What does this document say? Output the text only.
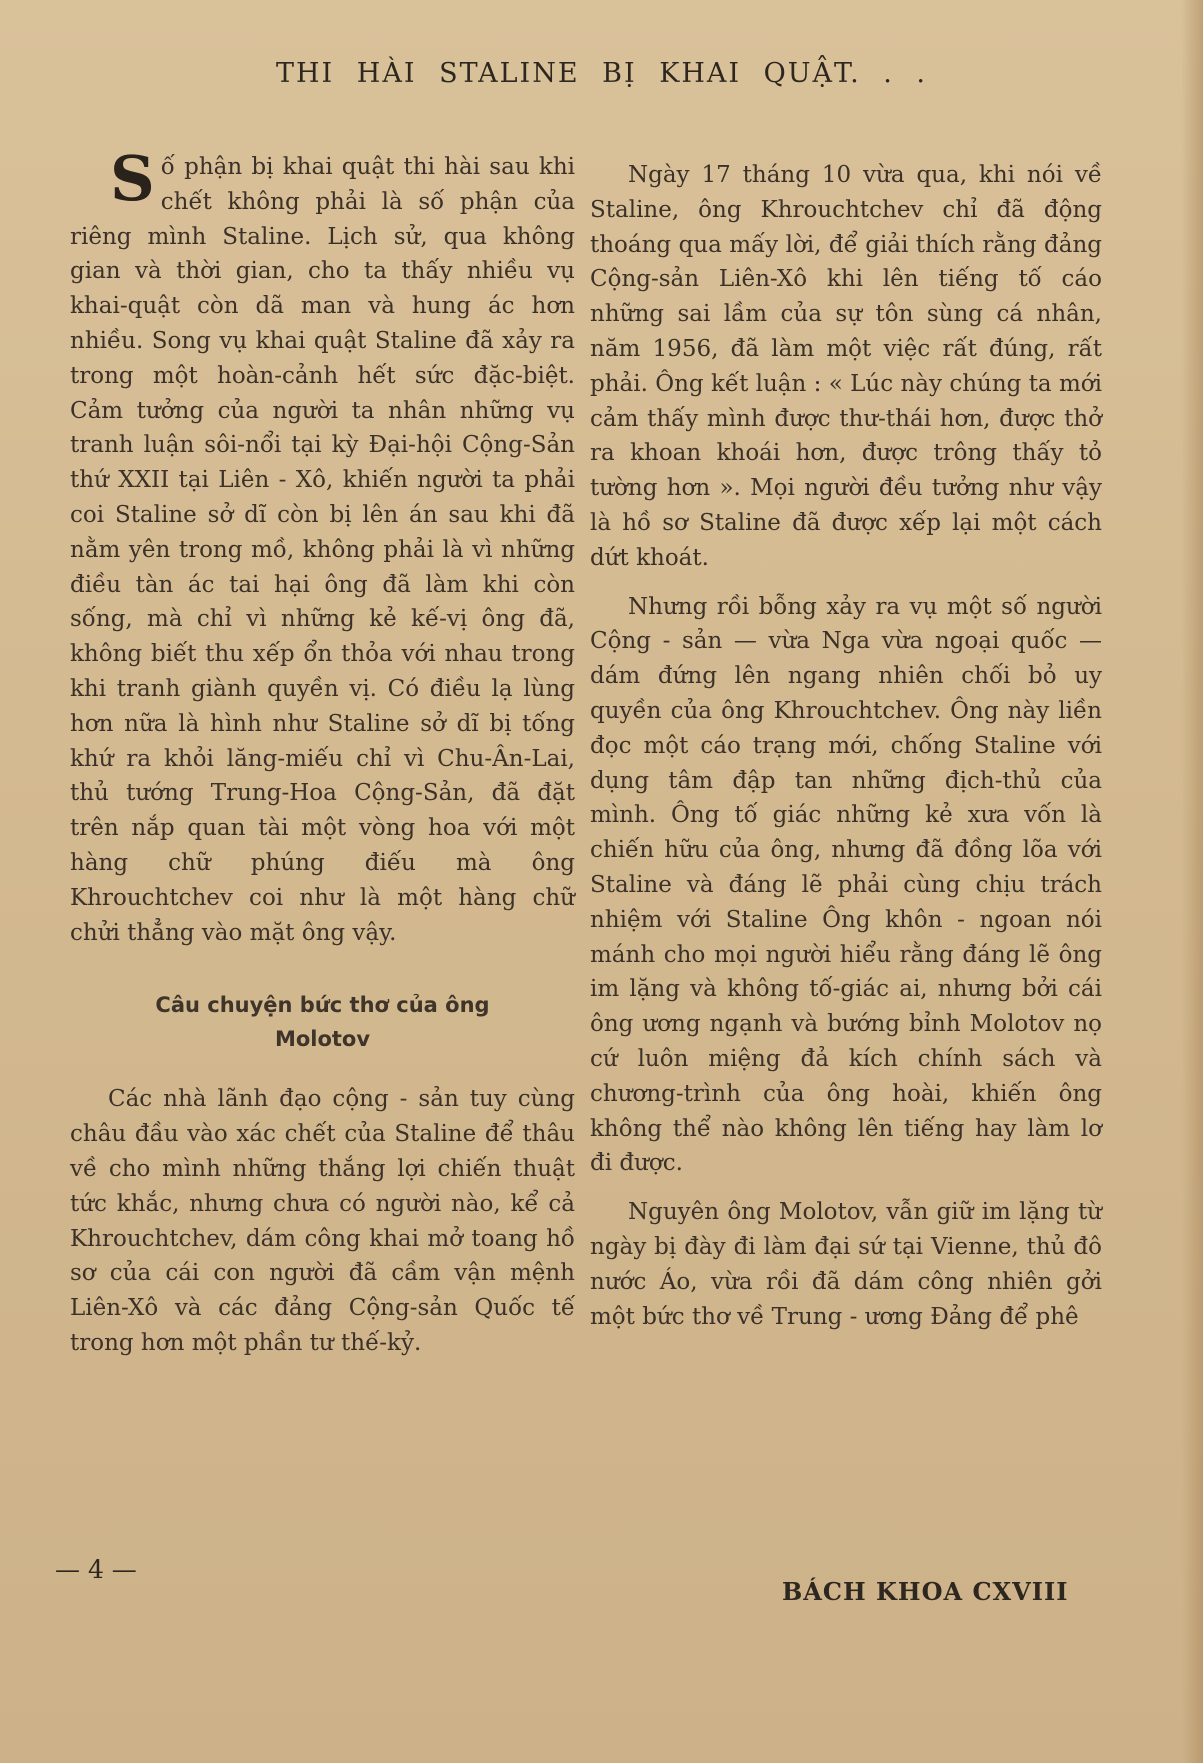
THI HÀI STALINE BỊ KHAI QUẬT. . .

Số phận bị khai quật thi hài sau khi chết không phải là số phận của riêng mình Staline. Lịch sử, qua không gian và thời gian, cho ta thấy nhiều vụ khai-quật còn dã man và hung ác hơn nhiều. Song vụ khai quật Staline đã xảy ra trong một hoàn-cảnh hết sức đặc-biệt. Cảm tưởng của người ta nhân những vụ tranh luận sôi-nổi tại kỳ Đại-hội Cộng-Sản thứ XXII tại Liên - Xô, khiến người ta phải coi Staline sở dĩ còn bị lên án sau khi đã nằm yên trong mồ, không phải là vì những điều tàn ác tai hại ông đã làm khi còn sống, mà chỉ vì những kẻ kế-vị ông đã, không biết thu xếp ổn thỏa với nhau trong khi tranh giành quyền vị. Có điều lạ lùng hơn nữa là hình như Staline sở dĩ bị tống khứ ra khỏi lăng-miếu chỉ vì Chu-Ân-Lai, thủ tướng Trung-Hoa Cộng-Sản, đã đặt trên nắp quan tài một vòng hoa với một hàng chữ phúng điếu mà ông Khrouchtchev coi như là một hàng chữ chửi thẳng vào mặt ông vậy.

Câu chuyện bức thơ của ông
Molotov

Các nhà lãnh đạo cộng - sản tuy cùng châu đầu vào xác chết của Staline để thâu về cho mình những thắng lợi chiến thuật tức khắc, nhưng chưa có người nào, kể cả Khrouchtchev, dám công khai mở toang hồ sơ của cái con người đã cầm vận mệnh Liên-Xô và các đảng Cộng-sản Quốc tế trong hơn một phần tư thế-kỷ.

Ngày 17 tháng 10 vừa qua, khi nói về Staline, ông Khrouchtchev chỉ đã động thoáng qua mấy lời, để giải thích rằng đảng Cộng-sản Liên-Xô khi lên tiếng tố cáo những sai lầm của sự tôn sùng cá nhân, năm 1956, đã làm một việc rất đúng, rất phải. Ông kết luận : « Lúc này chúng ta mới cảm thấy mình được thư-thái hơn, được thở ra khoan khoái hơn, được trông thấy tỏ tường hơn ». Mọi người đều tưởng như vậy là hồ sơ Staline đã được xếp lại một cách dứt khoát.

Nhưng rồi bỗng xảy ra vụ một số người Cộng - sản — vừa Nga vừa ngoại quốc — dám đứng lên ngang nhiên chối bỏ uy quyền của ông Khrouchtchev. Ông này liền đọc một cáo trạng mới, chống Staline với dụng tâm đập tan những địch-thủ của mình. Ông tố giác những kẻ xưa vốn là chiến hữu của ông, nhưng đã đồng lõa với Staline và đáng lẽ phải cùng chịu trách nhiệm với Staline Ông khôn - ngoan nói mánh cho mọi người hiểu rằng đáng lẽ ông im lặng và không tố-giác ai, nhưng bởi cái ông ương ngạnh và bướng bỉnh Molotov nọ cứ luôn miệng đả kích chính sách và chương-trình của ông hoài, khiến ông không thể nào không lên tiếng hay làm lơ đi được.

Nguyên ông Molotov, vẫn giữ im lặng từ ngày bị đày đi làm đại sứ tại Vienne, thủ đô nước Áo, vừa rồi đã dám công nhiên gởi một bức thơ về Trung - ương Đảng để phê

— 4 —
BÁCH KHOA CXVIII
